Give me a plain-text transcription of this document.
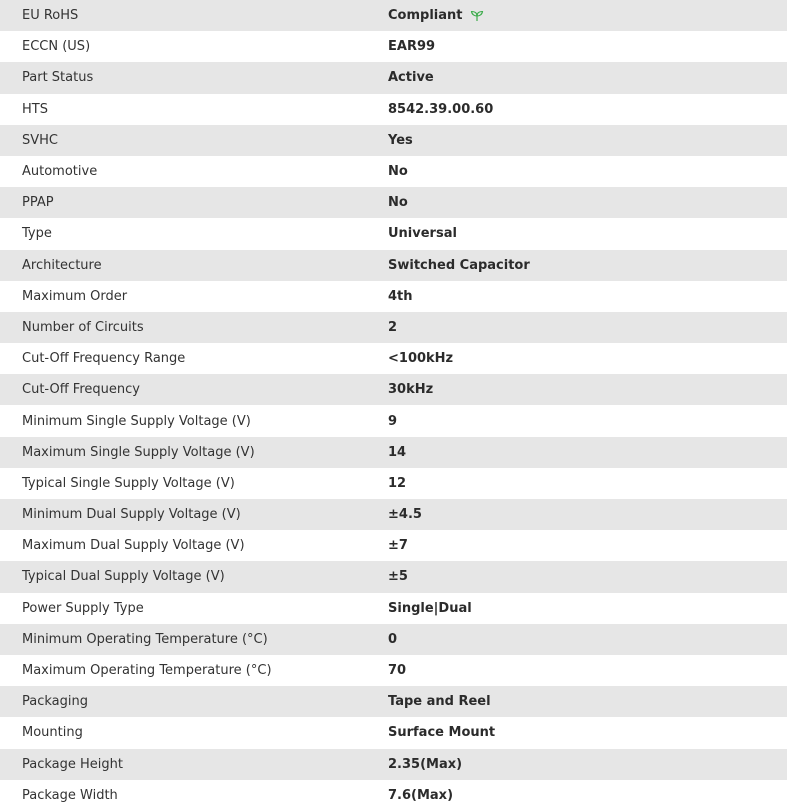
EU RoHS	Compliant
ECCN (US)	EAR99
Part Status	Active
HTS	8542.39.00.60
SVHC	Yes
Automotive	No
PPAP	No
Type	Universal
Architecture	Switched Capacitor
Maximum Order	4th
Number of Circuits	2
Cut-Off Frequency Range	<100kHz
Cut-Off Frequency	30kHz
Minimum Single Supply Voltage (V)	9
Maximum Single Supply Voltage (V)	14
Typical Single Supply Voltage (V)	12
Minimum Dual Supply Voltage (V)	±4.5
Maximum Dual Supply Voltage (V)	±7
Typical Dual Supply Voltage (V)	±5
Power Supply Type	Single|Dual
Minimum Operating Temperature (°C)	0
Maximum Operating Temperature (°C)	70
Packaging	Tape and Reel
Mounting	Surface Mount
Package Height	2.35(Max)
Package Width	7.6(Max)
